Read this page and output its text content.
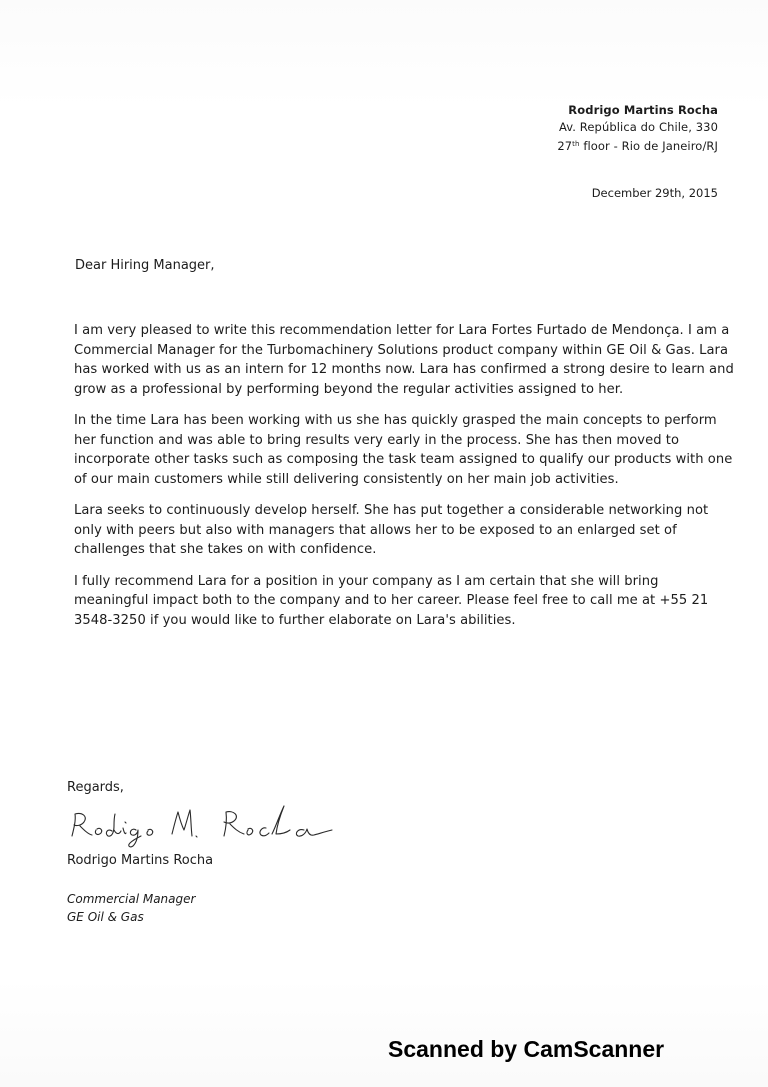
Rodrigo Martins Rocha
Av. República do Chile, 330
27th floor - Rio de Janeiro/RJ
December 29th, 2015
Dear Hiring Manager,

I am very pleased to write this recommendation letter for Lara Fortes Furtado de Mendonça. I am a Commercial Manager for the Turbomachinery Solutions product company within GE Oil & Gas. Lara has worked with us as an intern for 12 months now. Lara has confirmed a strong desire to learn and grow as a professional by performing beyond the regular activities assigned to her.

In the time Lara has been working with us she has quickly grasped the main concepts to perform her function and was able to bring results very early in the process. She has then moved to incorporate other tasks such as composing the task team assigned to qualify our products with one of our main customers while still delivering consistently on her main job activities.

Lara seeks to continuously develop herself. She has put together a considerable networking not only with peers but also with managers that allows her to be exposed to an enlarged set of challenges that she takes on with confidence.

I fully recommend Lara for a position in your company as I am certain that she will bring meaningful impact both to the company and to her career. Please feel free to call me at +55 21 3548-3250 if you would like to further elaborate on Lara's abilities.

Regards,
Rodrigo Martins Rocha
Commercial Manager
GE Oil & Gas
Scanned by CamScanner
